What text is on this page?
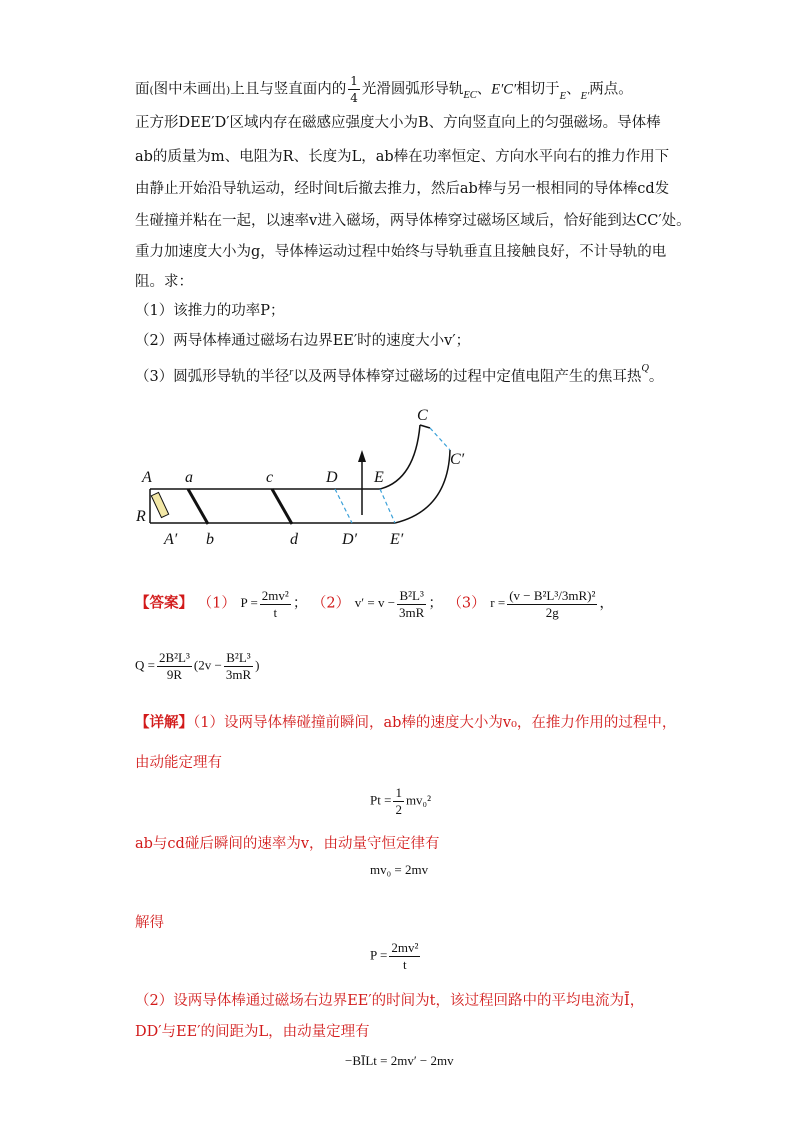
面(图中未画出)上且与竖直面内的 $\frac{1}{4}$ 光滑圆弧形导轨$_{EC}$、E′C′相切于$_E$、$_{E'}$两点。
正方形DEE′D′区域内存在磁感应强度大小为B、方向竖直向上的匀强磁场。导体棒
ab的质量为m、电阻为R、长度为L，ab棒在功率恒定、方向水平向右的推力作用下
由静止开始沿导轨运动，经时间t后撤去推力，然后ab棒与另一根相同的导体棒cd发
生碰撞并粘在一起，以速率v进入磁场，两导体棒穿过磁场区域后，恰好能到达CC′处。
重力加速度大小为g，导体棒运动过程中始终与导轨垂直且接触良好，不计导轨的电
阻。求：
（1）该推力的功率P；
（2）两导体棒通过磁场右边界EE′时的速度大小v′；
（3）圆弧形导轨的半径$^r$以及两导体棒穿过磁场的过程中定值电阻产生的焦耳热$^Q$。
A a	c	D E
C
C′
R
A′ b	d	D′ E′
【答案】 （1） $P = \frac{\text{2mv²}}{t}$ ； （2） $v' = v - \frac{\text{B²L³}}{3mR}$ ； （3） $r = \frac{\text{(v − B²L³/3mR)²}}{2g}$ ，
$Q = \frac{\text{2B²L³}}{9R} (2v - \frac{\text{B²L³}}{3mR}$ )
【详解】（1）设两导体棒碰撞前瞬间，ab棒的速度大小为v₀，在推力作用的过程中，
由动能定理有
$Pt = \frac{1}{2} mv_0^2$
ab与cd碰后瞬间的速率为v，由动量守恒定律有
mv₀ = 2mv
解得
$P = \frac{\text{2mv²}}{t}$
（2）设两导体棒通过磁场右边界EE′的时间为t，该过程回路中的平均电流为Ī，
DD′与EE′的间距为L，由动量定理有
−BĪLt = 2mv′ − 2mv
